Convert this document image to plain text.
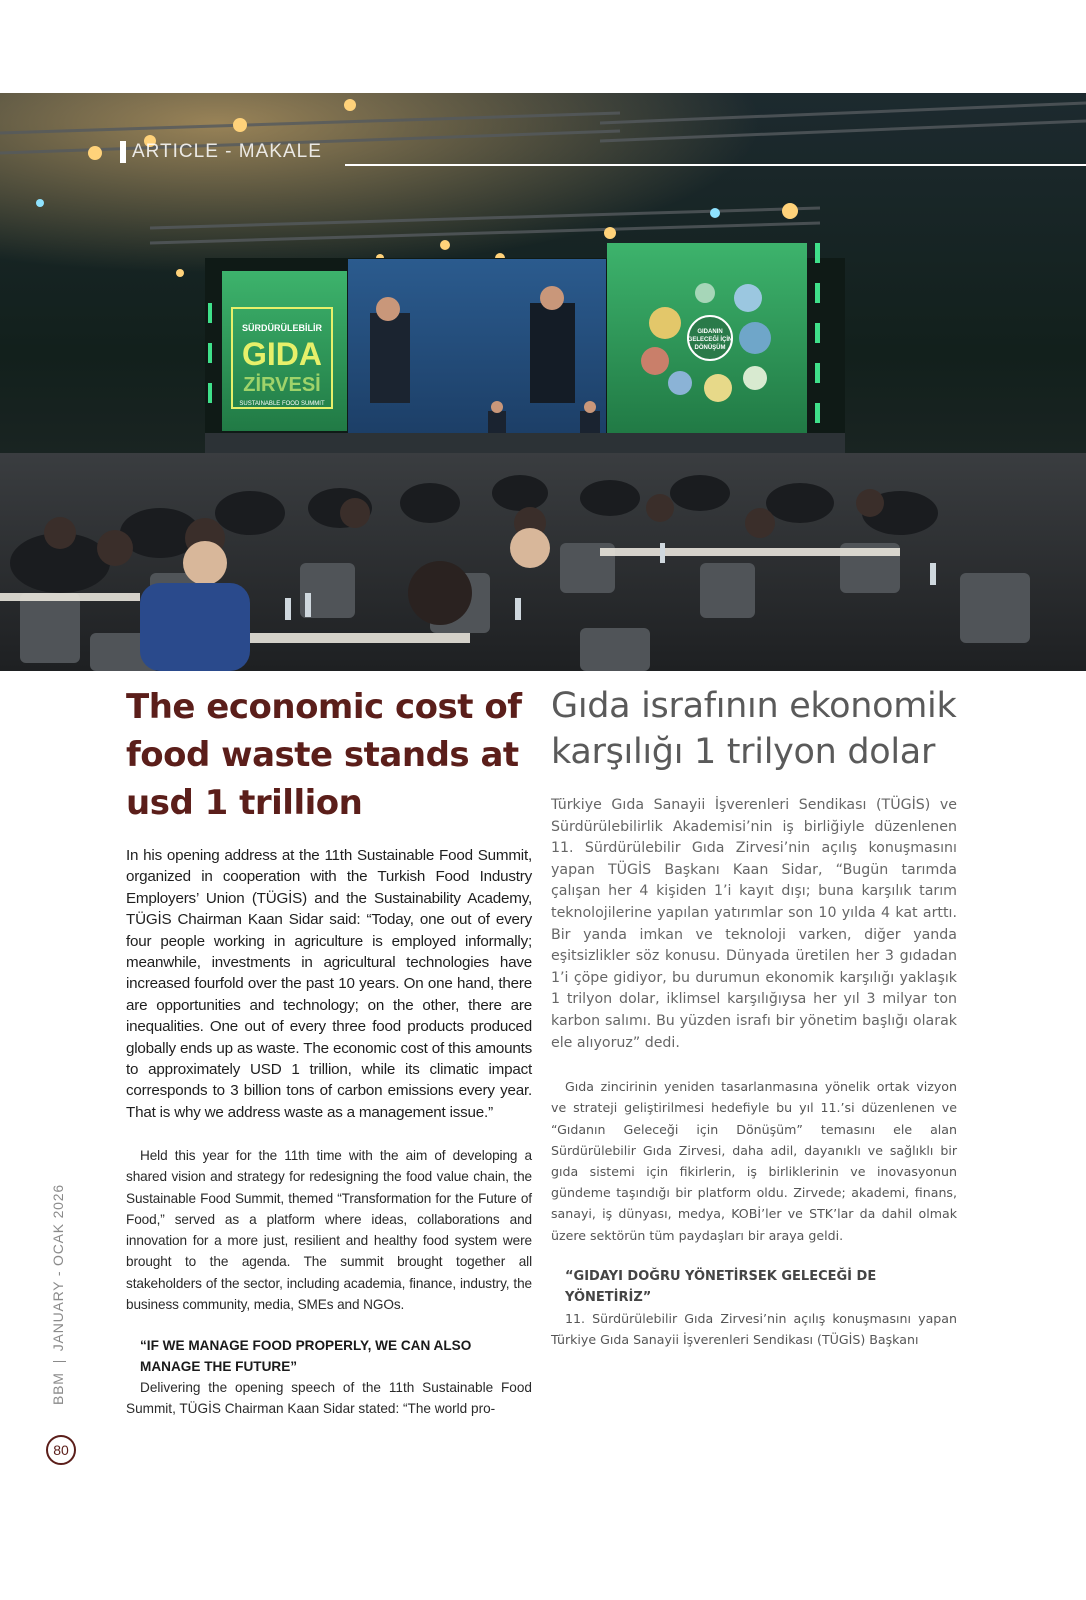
SÜRDÜRÜLEBİLİR
GIDA
ZİRVESİ
SUSTAINABLE FOOD SUMMIT
GIDANIN
GELECEĞİ İÇİN
DÖNÜŞÜM
ARTICLE - MAKALE
The economic cost of food waste stands at usd 1 trillion

In his opening address at the 11th Sustainable Food Summit, organized in cooperation with the Turkish Food Industry Employers’ Union (TÜGİS) and the Sustainability Academy, TÜGİS Chairman Kaan Sidar said: “Today, one out of every four people working in agriculture is employed informally; meanwhile, investments in agricultural technologies have increased fourfold over the past 10 years. On one hand, there are opportunities and technology; on the other, there are inequalities. One out of every three food products produced globally ends up as waste. The economic cost of this amounts to approximately USD 1 trillion, while its climatic impact corresponds to 3 billion tons of carbon emissions every year. That is why we address waste as a management issue.”

Held this year for the 11th time with the aim of developing a shared vision and strategy for redesigning the food value chain, the Sustainable Food Summit, themed “Transformation for the Future of Food,” served as a platform where ideas, collaborations and innovation for a more just, resilient and healthy food system were brought to the agenda. The summit brought together all stakeholders of the sector, including academia, finance, industry, the business community, media, SMEs and NGOs.

“IF WE MANAGE FOOD PROPERLY, WE CAN ALSO MANAGE THE FUTURE”

Delivering the opening speech of the 11th Sustainable Food Summit, TÜGİS Chairman Kaan Sidar stated: “The world pro-

Gıda israfının ekonomik karşılığı 1 trilyon dolar

Türkiye Gıda Sanayii İşverenleri Sendikası (TÜGİS) ve Sürdürülebilirlik Akademisi’nin iş birliğiyle düzenlenen 11. Sürdürülebilir Gıda Zirvesi’nin açılış konuşmasını yapan TÜGİS Başkanı Kaan Sidar, “Bugün tarımda çalışan her 4 kişiden 1’i kayıt dışı; buna karşılık tarım teknolojilerine yapılan yatırımlar son 10 yılda 4 kat arttı. Bir yanda imkan ve teknoloji varken, diğer yanda eşitsizlikler söz konusu. Dünyada üretilen her 3 gıdadan 1’i çöpe gidiyor, bu durumun ekonomik karşılığı yaklaşık 1 trilyon dolar, iklimsel karşılığıysa her yıl 3 milyar ton karbon salımı. Bu yüzden israfı bir yönetim başlığı olarak ele alıyoruz” dedi.

Gıda zincirinin yeniden tasarlanmasına yönelik ortak vizyon ve strateji geliştirilmesi hedefiyle bu yıl 11.’si düzenlenen ve “Gıdanın Geleceği için Dönüşüm” temasını ele alan Sürdürülebilir Gıda Zirvesi, daha adil, dayanıklı ve sağlıklı bir gıda sistemi için fikirlerin, iş birliklerinin ve inovasyonun gündeme taşındığı bir platform oldu. Zirvede; akademi, finans, sanayi, iş dünyası, medya, KOBİ’ler ve STK’lar da dahil olmak üzere sektörün tüm paydaşları bir araya geldi.

“GIDAYI DOĞRU YÖNETİRSEK GELECEĞİ DE YÖNETİRİZ”

11. Sürdürülebilir Gıda Zirvesi’nin açılış konuşmasını yapan Türkiye Gıda Sanayii İşverenleri Sendikası (TÜGİS) Başkanı

BBMJANUARY - OCAK 2026
80
